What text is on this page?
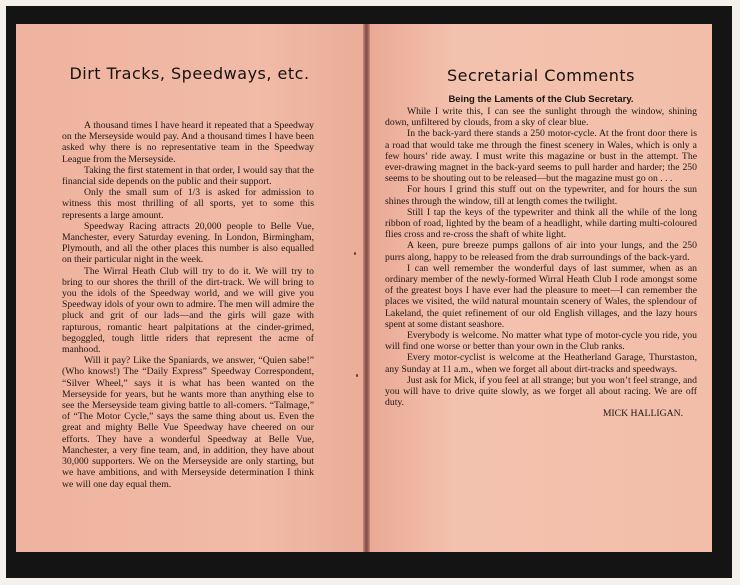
Dirt Tracks, Speedways, etc.

A thousand times I have heard it repeated that a Speedway on the Merseyside would pay. And a thousand times I have been asked why there is no representative team in the Speedway League from the Merseyside.

Taking the first statement in that order, I would say that the financial side depends on the public and their support.

Only the small sum of 1/3 is asked for admission to witness this most thrilling of all sports, yet to some this represents a large amount.

Speedway Racing attracts 20,000 people to Belle Vue, Manchester, every Saturday evening. In London, Birmingham, Plymouth, and all the other places this number is also equalled on their particular night in the week.

The Wirral Heath Club will try to do it. We will try to bring to our shores the thrill of the dirt-track. We will bring to you the idols of the Speedway world, and we will give you Speedway idols of your own to admire. The men will admire the pluck and grit of our lads—and the girls will gaze with rapturous, romantic heart palpitations at the cinder-grimed, begoggled, tough little riders that represent the acme of manhood.

Will it pay? Like the Spaniards, we answer, “Quien sabe!” (Who knows!) The “Daily Express” Speedway Correspondent, “Silver Wheel,” says it is what has been wanted on the Merseyside for years, but he wants more than anything else to see the Merseyside team giving battle to all-comers. “Talmage,” of “The Motor Cycle,” says the same thing about us. Even the great and mighty Belle Vue Speedway have cheered on our efforts. They have a wonderful Speedway at Belle Vue, Manchester, a very fine team, and, in addition, they have about 30,000 supporters. We on the Merseyside are only starting, but we have ambitions, and with Merseyside determination I think we will one day equal them.

Secretarial Comments
Being the Laments of the Club Secretary.

While I write this, I can see the sunlight through the window, shining down, unfiltered by clouds, from a sky of clear blue.

In the back-yard there stands a 250 motor-cycle. At the front door there is a road that would take me through the finest scenery in Wales, which is only a few hours’ ride away. I must write this magazine or bust in the attempt. The ever-drawing magnet in the back-yard seems to pull harder and harder; the 250 seems to be shouting out to be released—but the magazine must go on . . .

For hours I grind this stuff out on the typewriter, and for hours the sun shines through the window, till at length comes the twilight.

Still I tap the keys of the typewriter and think all the while of the long ribbon of road, lighted by the beam of a headlight, while darting multi-coloured flies cross and re-cross the shaft of white light.

A keen, pure breeze pumps gallons of air into your lungs, and the 250 purrs along, happy to be released from the drab surroundings of the back-yard.

I can well remember the wonderful days of last summer, when as an ordinary member of the newly-formed Wirral Heath Club I rode amongst some of the greatest boys I have ever had the pleasure to meet—I can remember the places we visited, the wild natural mountain scenery of Wales, the splendour of Lakeland, the quiet refinement of our old English villages, and the lazy hours spent at some distant seashore.

Everybody is welcome. No matter what type of motor-cycle you ride, you will find one worse or better than your own in the Club ranks.

Every motor-cyclist is welcome at the Heatherland Garage, Thurstaston, any Sunday at 11 a.m., when we forget all about dirt-tracks and speedways.

Just ask for Mick, if you feel at all strange; but you won’t feel strange, and you will have to drive quite slowly, as we forget all about racing. We are off duty.

MICK HALLIGAN.
